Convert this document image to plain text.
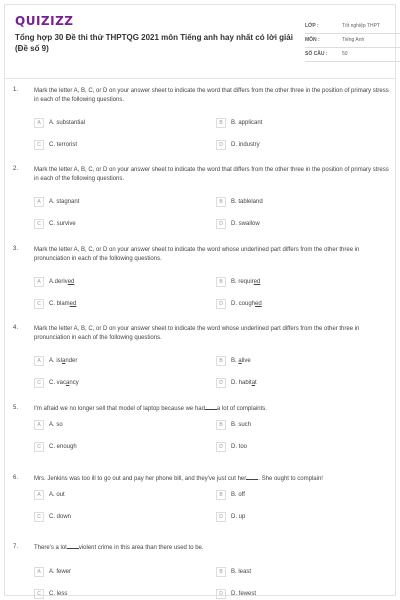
QUIZIZZ
Tổng hợp 30 Đề thi thử THPTQG 2021 môn Tiếng anh hay nhất có lời giải (Đề số 9)
LỚP :	Tốt nghiệp THPT
MÔN :	Tiếng Anh
SỐ CÂU :	50
1.	Mark the letter A, B, C, or D on your answer sheet to indicate the word that differs from the other three in the position of primary stress in each of the following questions.
A	A. substantial	B	B. applicant
C	C. terrorist	D	D. industry
2.	Mark the letter A, B, C, or D on your answer sheet to indicate the word that differs from the other three in the position of primary stress in each of the following questions.
A	A. stagnant	B	B. tableland
C	C. survive	D	D. swallow
3.	Mark the letter A, B, C, or D on your answer sheet to indicate the word whose underlined part differs from the other three in pronunciation in each of the following questions.
A	A.derived	B	B. required
C	C. blamed	D	D. coughed
4.	Mark the letter A, B, C, or D on your answer sheet to indicate the word whose underlined part differs from the other three in pronunciation in each of the following questions.
A	A. islander	B	B. alive
C	C. vacancy	D	D. habitat
5.	I'm afraid we no longer sell that model of laptop because we had a lot of complaints.
A	A. so	B	B. such
C	C. enough	D	D. too
6.	Mrs. Jenkins was too ill to go out and pay her phone bill, and they've just cut her . She ought to complain!
A	A. out	B	B. off
C	C. down	D	D. up
7.	There's a lot violent crime in this area than there used to be.
A	A. fewer	B	B. least
C	C. less	D	D. fewest
